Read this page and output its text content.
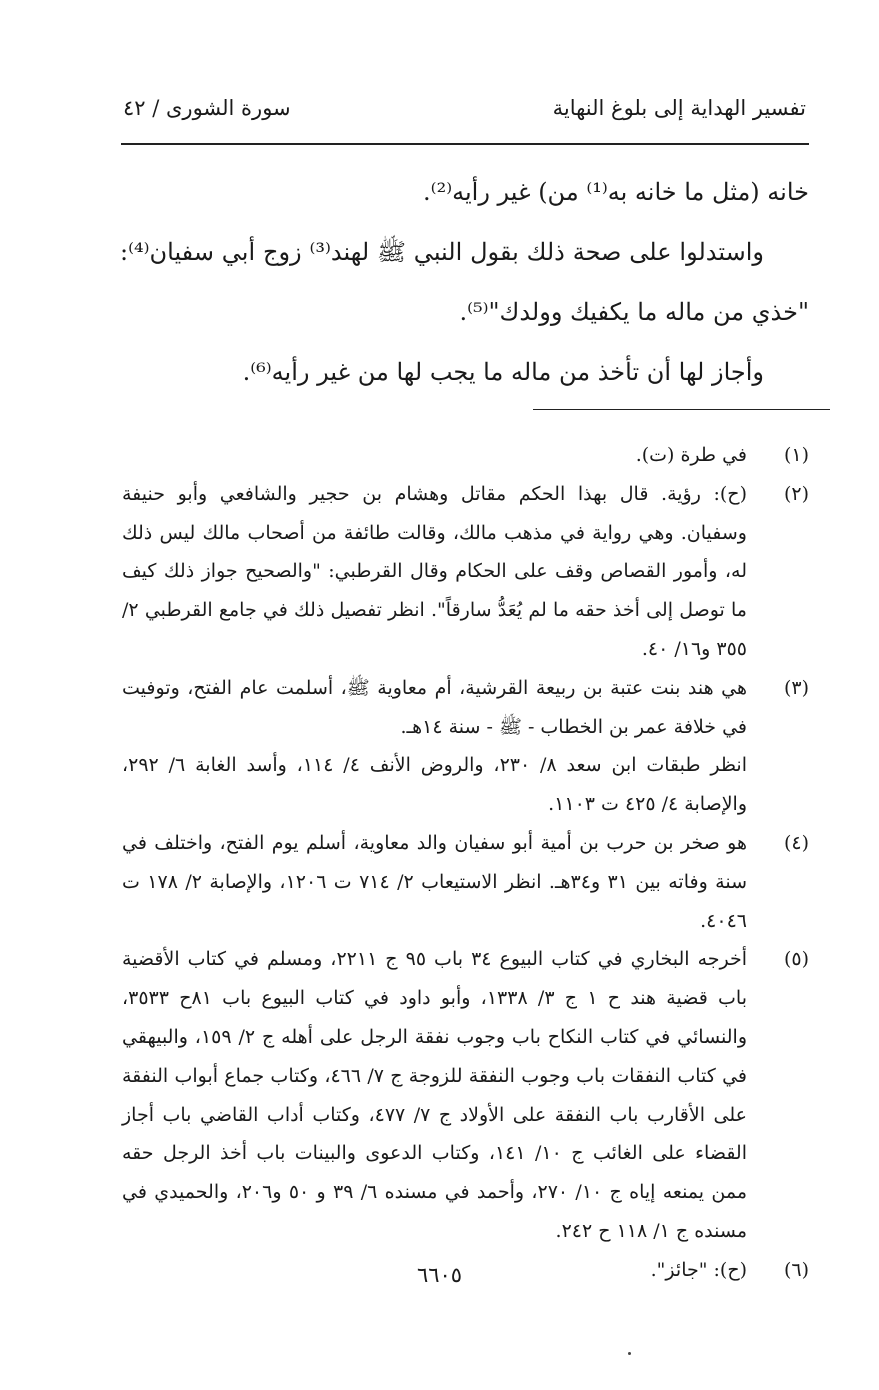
تفسير الهداية إلى بلوغ النهاية
سورة الشورى / ٤٢

خانه (مثل ما خانه به⁽¹⁾ من) غير رأيه⁽²⁾.

واستدلوا على صحة ذلك بقول النبي ﷺ لهند⁽³⁾ زوج أبي سفيان⁽⁴⁾: "خذي من ماله ما يكفيك وولدك"⁽⁵⁾.

وأجاز لها أن تأخذ من ماله ما يجب لها من غير رأيه⁽⁶⁾.

(١)
في طرة (ت).
(٢)
(ح): رؤية. قال بهذا الحكم مقاتل وهشام بن حجير والشافعي وأبو حنيفة وسفيان. وهي رواية في مذهب مالك، وقالت طائفة من أصحاب مالك ليس ذلك له، وأمور القصاص وقف على الحكام وقال القرطبي: "والصحيح جواز ذلك كيف ما توصل إلى أخذ حقه ما لم يُعَدُّ سارقاً". انظر تفصيل ذلك في جامع القرطبي ٢/ ٣٥٥ و١٦/ ٤٠.
(٣)
هي هند بنت عتبة بن ربيعة القرشية، أم معاوية ﷺ، أسلمت عام الفتح، وتوفيت في خلافة عمر بن الخطاب - ﷺ - سنة ١٤هـ.
انظر طبقات ابن سعد ٨/ ٢٣٠، والروض الأنف ٤/ ١١٤، وأسد الغابة ٦/ ٢٩٢، والإصابة ٤/ ٤٢٥ ت ١١٠٣.
(٤)
هو صخر بن حرب بن أمية أبو سفيان والد معاوية، أسلم يوم الفتح، واختلف في سنة وفاته بين ٣١ و٣٤هـ. انظر الاستيعاب ٢/ ٧١٤ ت ١٢٠٦، والإصابة ٢/ ١٧٨ ت ٤٠٤٦.
(٥)
أخرجه البخاري في كتاب البيوع ٣٤ باب ٩٥ ج ٢٢١١، ومسلم في كتاب الأقضية باب قضية هند ح ١ ج ٣/ ١٣٣٨، وأبو داود في كتاب البيوع باب ٨١ح ٣٥٣٣، والنسائي في كتاب النكاح باب وجوب نفقة الرجل على أهله ج ٢/ ١٥٩، والبيهقي في كتاب النفقات باب وجوب النفقة للزوجة ج ٧/ ٤٦٦، وكتاب جماع أبواب النفقة على الأقارب باب النفقة على الأولاد ج ٧/ ٤٧٧، وكتاب أداب القاضي باب أجاز القضاء على الغائب ج ١٠/ ١٤١، وكتاب الدعوى والبينات باب أخذ الرجل حقه ممن يمنعه إياه ج ١٠/ ٢٧٠، وأحمد في مسنده ٦/ ٣٩ و ٥٠ و٢٠٦، والحميدي في مسنده ج ١/ ١١٨ ح ٢٤٢.
(٦)
(ح): "جائز".
٦٦٠٥
